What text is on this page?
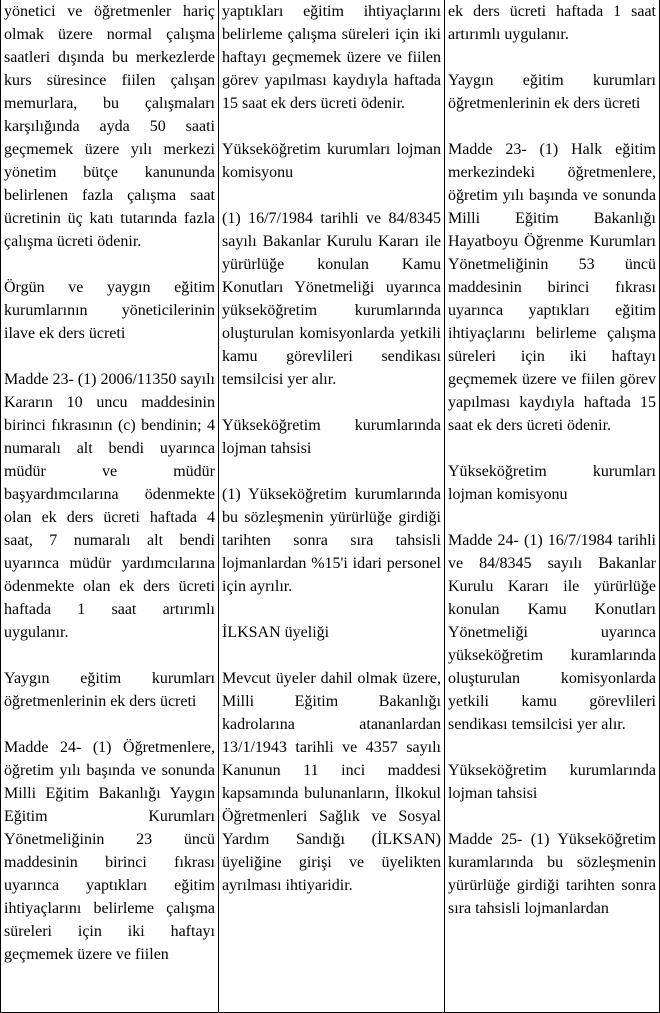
yönetici ve öğretmenler hariç olmak üzere normal çalışma saatleri dışında bu merkezlerde kurs süresince fiilen çalışan memurlara, bu çalışmaları karşılığında ayda 50 saati geçmemek üzere yılı merkezi yönetim bütçe kanununda belirlenen fazla çalışma saat ücretinin üç katı tutarında fazla çalışma ücreti ödenir.

Örgün ve yaygın eğitim kurumlarının yöneticilerinin ilave ek ders ücreti

Madde 23- (1) 2006/11350 sayılı Kararın 10 uncu maddesinin birinci fıkrasının (c) bendinin; 4 numaralı alt bendi uyarınca müdür ve müdür başyardımcılarına ödenmekte olan ek ders ücreti haftada 4 saat, 7 numaralı alt bendi uyarınca müdür yardımcılarına ödenmekte olan ek ders ücreti haftada 1 saat artırımlı uygulanır.

Yaygın eğitim kurumları öğretmenlerinin ek ders ücreti

Madde 24- (1) Öğretmenlere, öğretim yılı başında ve sonunda Milli Eğitim Bakanlığı Yaygın Eğitim Kurumları Yönetmeliğinin 23 üncü maddesinin birinci fıkrası uyarınca yaptıkları eğitim ihtiyaçlarını belirleme çalışma süreleri için iki haftayı geçmemek üzere ve fiilen

yaptıkları eğitim ihtiyaçlarını belirleme çalışma süreleri için iki haftayı geçmemek üzere ve fiilen görev yapılması kaydıyla haftada 15 saat ek ders ücreti ödenir.

Yükseköğretim kurumları lojman komisyonu

(1) 16/7/1984 tarihli ve 84/8345 sayılı Bakanlar Kurulu Kararı ile yürürlüğe konulan Kamu Konutları Yönetmeliği uyarınca yükseköğretim kurumlarında oluşturulan komisyonlarda yetkili kamu görevlileri sendikası temsilcisi yer alır.

Yükseköğretim kurumlarında lojman tahsisi

(1) Yükseköğretim kurumlarında bu sözleşmenin yürürlüğe girdiği tarihten sonra sıra tahsisli lojmanlardan %15'i idari personel için ayrılır.

İLKSAN üyeliği

Mevcut üyeler dahil olmak üzere, Milli Eğitim Bakanlığı kadrolarına atananlardan 13/1/1943 tarihli ve 4357 sayılı Kanunun 11 inci maddesi kapsamında bulunanların, İlkokul Öğretmenleri Sağlık ve Sosyal Yardım Sandığı (İLKSAN) üyeliğine girişi ve üyelikten ayrılması ihtiyaridir.

ek ders ücreti haftada 1 saat artırımlı uygulanır.

Yaygın eğitim kurumları öğretmenlerinin ek ders ücreti

Madde 23- (1) Halk eğitim merkezindeki öğretmenlere, öğretim yılı başında ve sonunda Milli Eğitim Bakanlığı Hayatboyu Öğrenme Kurumları Yönetmeliğinin 53 üncü maddesinin birinci fıkrası uyarınca yaptıkları eğitim ihtiyaçlarını belirleme çalışma süreleri için iki haftayı geçmemek üzere ve fiilen görev yapılması kaydıyla haftada 15 saat ek ders ücreti ödenir.

Yükseköğretim kurumları lojman komisyonu

Madde 24- (1) 16/7/1984 tarihli ve 84/8345 sayılı Bakanlar Kurulu Kararı ile yürürlüğe konulan Kamu Konutları Yönetmeliği uyarınca yükseköğretim kuramlarında oluşturulan komisyonlarda yetkili kamu görevlileri sendikası temsilcisi yer alır.

Yükseköğretim kurumlarında lojman tahsisi

Madde 25- (1) Yükseköğretim kuramlarında bu sözleşmenin yürürlüğe girdiği tarihten sonra sıra tahsisli lojmanlardan
